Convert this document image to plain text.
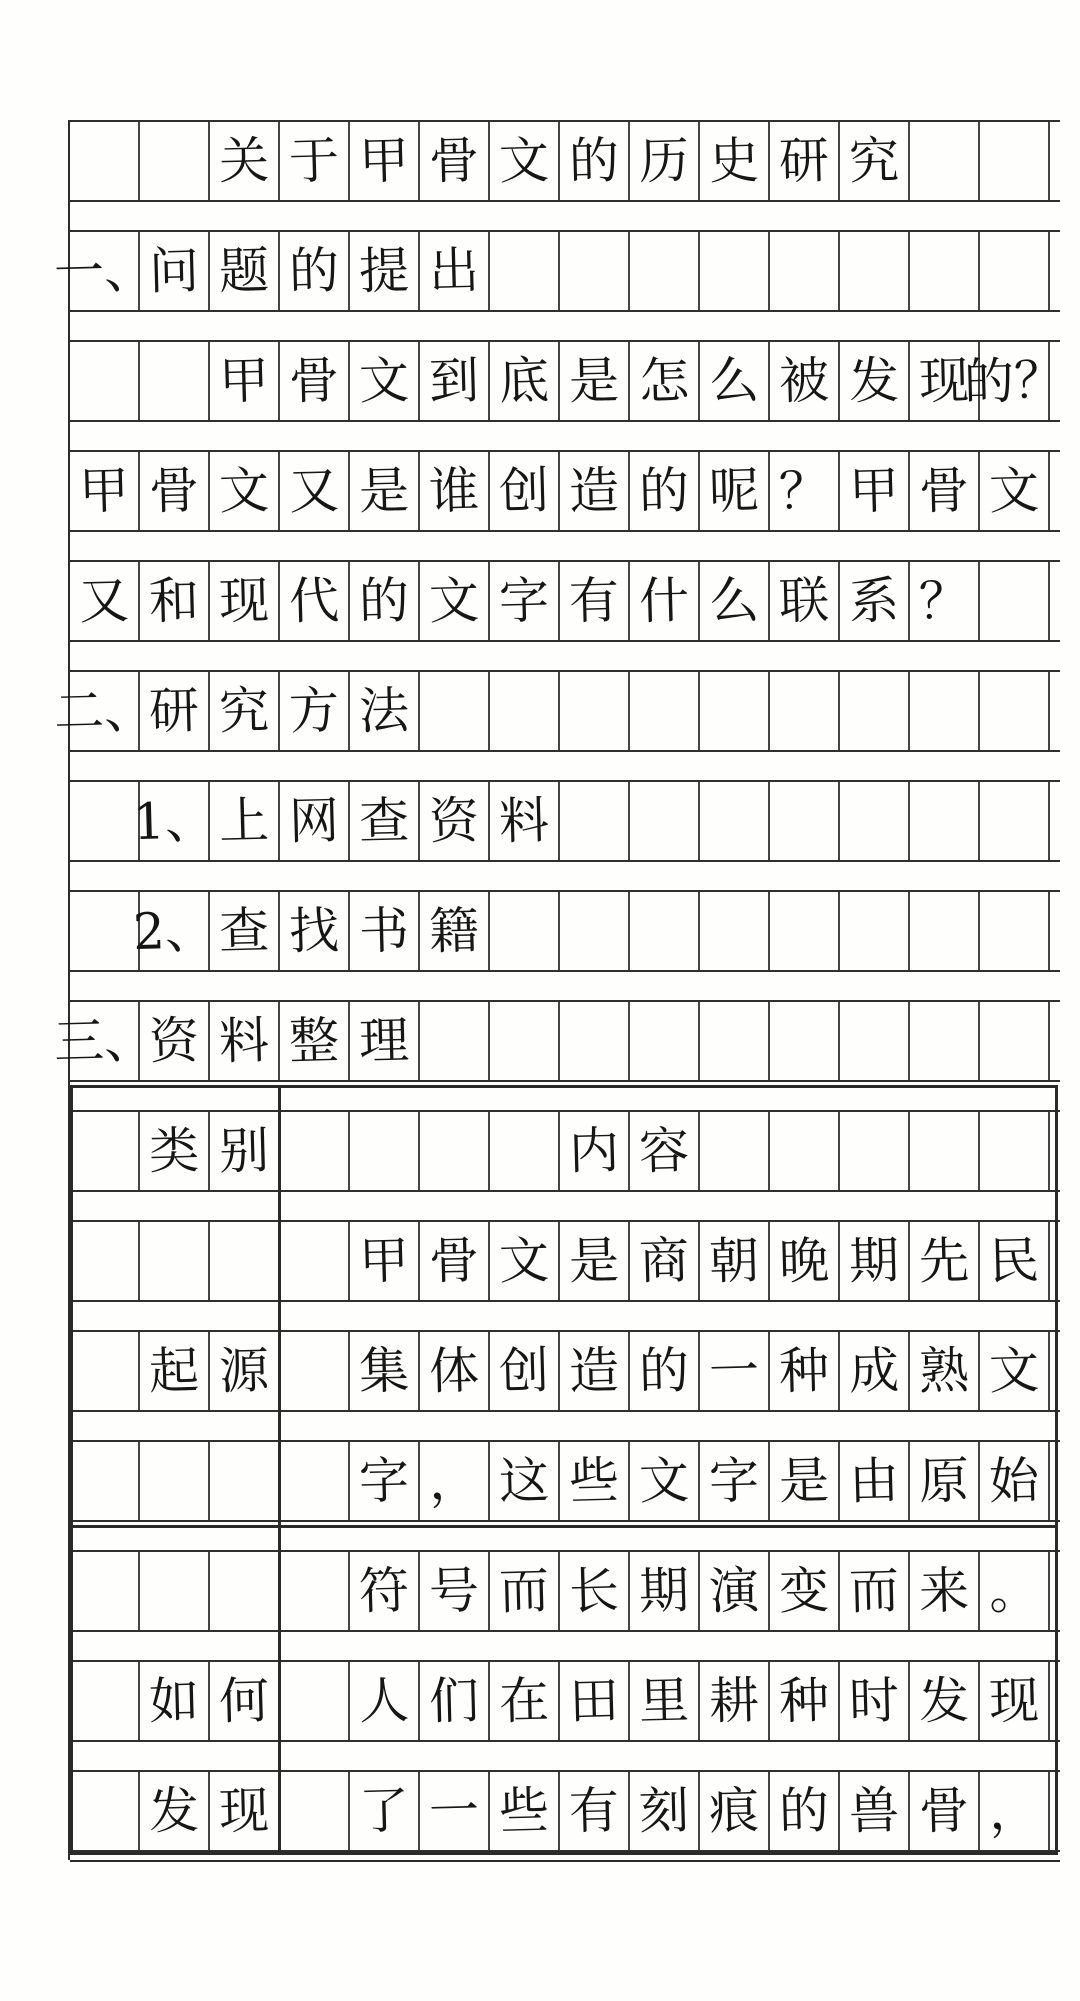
发 现 了 一 些 有 刻 痕 的 兽 骨 ，
如 何 人 们 在 田 里 耕 种 时 发 现
符 号 而 长 期 演 变 而 来 。
字 ， 这 些 文 字 是 由 原 始
起 源 集 体 创 造 的 一 种 成 熟 文
甲 骨 文 是 商 朝 晚 期 先 民
类 别	内 容
三、
资 料 整 理
2、 查 找 书 籍
1、 上 网 查 资 料
二、
研 究 方 法
又 和 现 代 的 文 字 有 什 么 联 系 ？
甲 骨 文 又 是 谁 创 造 的 呢 ？ 甲 骨 文
甲 骨 文 到 底 是 怎 么 被 发 现
的？
一、
问 题 的 提 出
关 于 甲 骨 文 的 历 史 研 究
